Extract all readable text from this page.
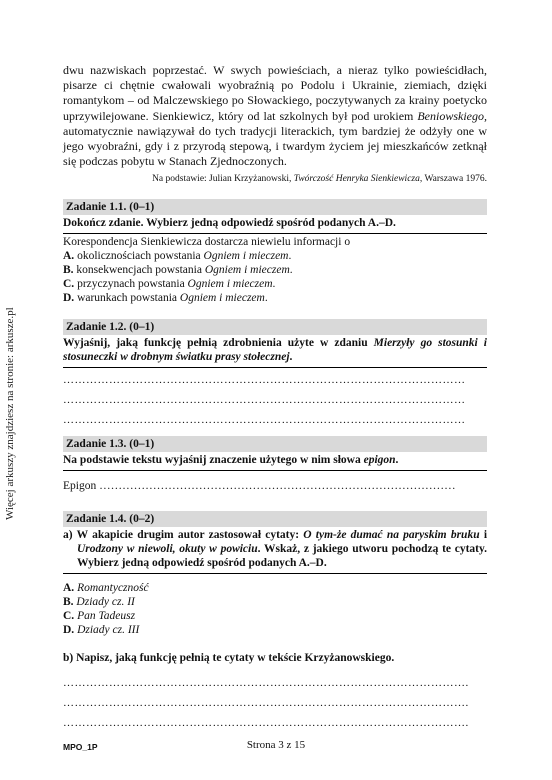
Więcej arkuszy znajdziesz na stronie: arkusze.pl

dwu nazwiskach poprzestać. W swych powieściach, a nieraz tylko powieścidłach, pisarze ci chętnie cwałowali wyobraźnią po Podolu i Ukrainie, ziemiach, dzięki romantykom – od Malczewskiego po Słowackiego, poczytywanych za krainy poetycko uprzywilejowane. Sienkiewicz, który od lat szkolnych był pod urokiem Beniowskiego, automatycznie nawiązywał do tych tradycji literackich, tym bardziej że odżyły one w jego wyobraźni, gdy i z przyrodą stepową, i twardym życiem jej mieszkańców zetknął się podczas pobytu w Stanach Zjednoczonych.

Na podstawie: Julian Krzyżanowski, Twórczość Henryka Sienkiewicza, Warszawa 1976.

Zadanie 1.1. (0–1)
Dokończ zdanie. Wybierz jedną odpowiedź spośród podanych A.–D.
Korespondencja Sienkiewicza dostarcza niewielu informacji o
A. okolicznościach powstania Ogniem i mieczem.
B. konsekwencjach powstania Ogniem i mieczem.
C. przyczynach powstania Ogniem i mieczem.
D. warunkach powstania Ogniem i mieczem.
Zadanie 1.2. (0–1)
Wyjaśnij, jaką funkcję pełnią zdrobnienia użyte w zdaniu Mierzyły go stosunki i stosuneczki w drobnym światku prasy stołecznej.
……………………………………………………………………………………………
……………………………………………………………………………………………
……………………………………………………………………………………………
Zadanie 1.3. (0–1)
Na podstawie tekstu wyjaśnij znaczenie użytego w nim słowa epigon.
Epigon …………………………………………………………………………………
Zadanie 1.4. (0–2)
a) W akapicie drugim autor zastosował cytaty: O tym-że dumać na paryskim bruku i Urodzony w niewoli, okuty w powiciu. Wskaż, z jakiego utworu pochodzą te cytaty. Wybierz jedną odpowiedź spośród podanych A.–D.
A. Romantyczność
B. Dziady cz. II
C. Pan Tadeusz
D. Dziady cz. III
b) Napisz, jaką funkcję pełnią te cytaty w tekście Krzyżanowskiego.
…………………………………………………………………………………………….
…………………………………………………………………………………………….
…………………………………………………………………………………………….
MPO_1P	Strona 3 z 15
